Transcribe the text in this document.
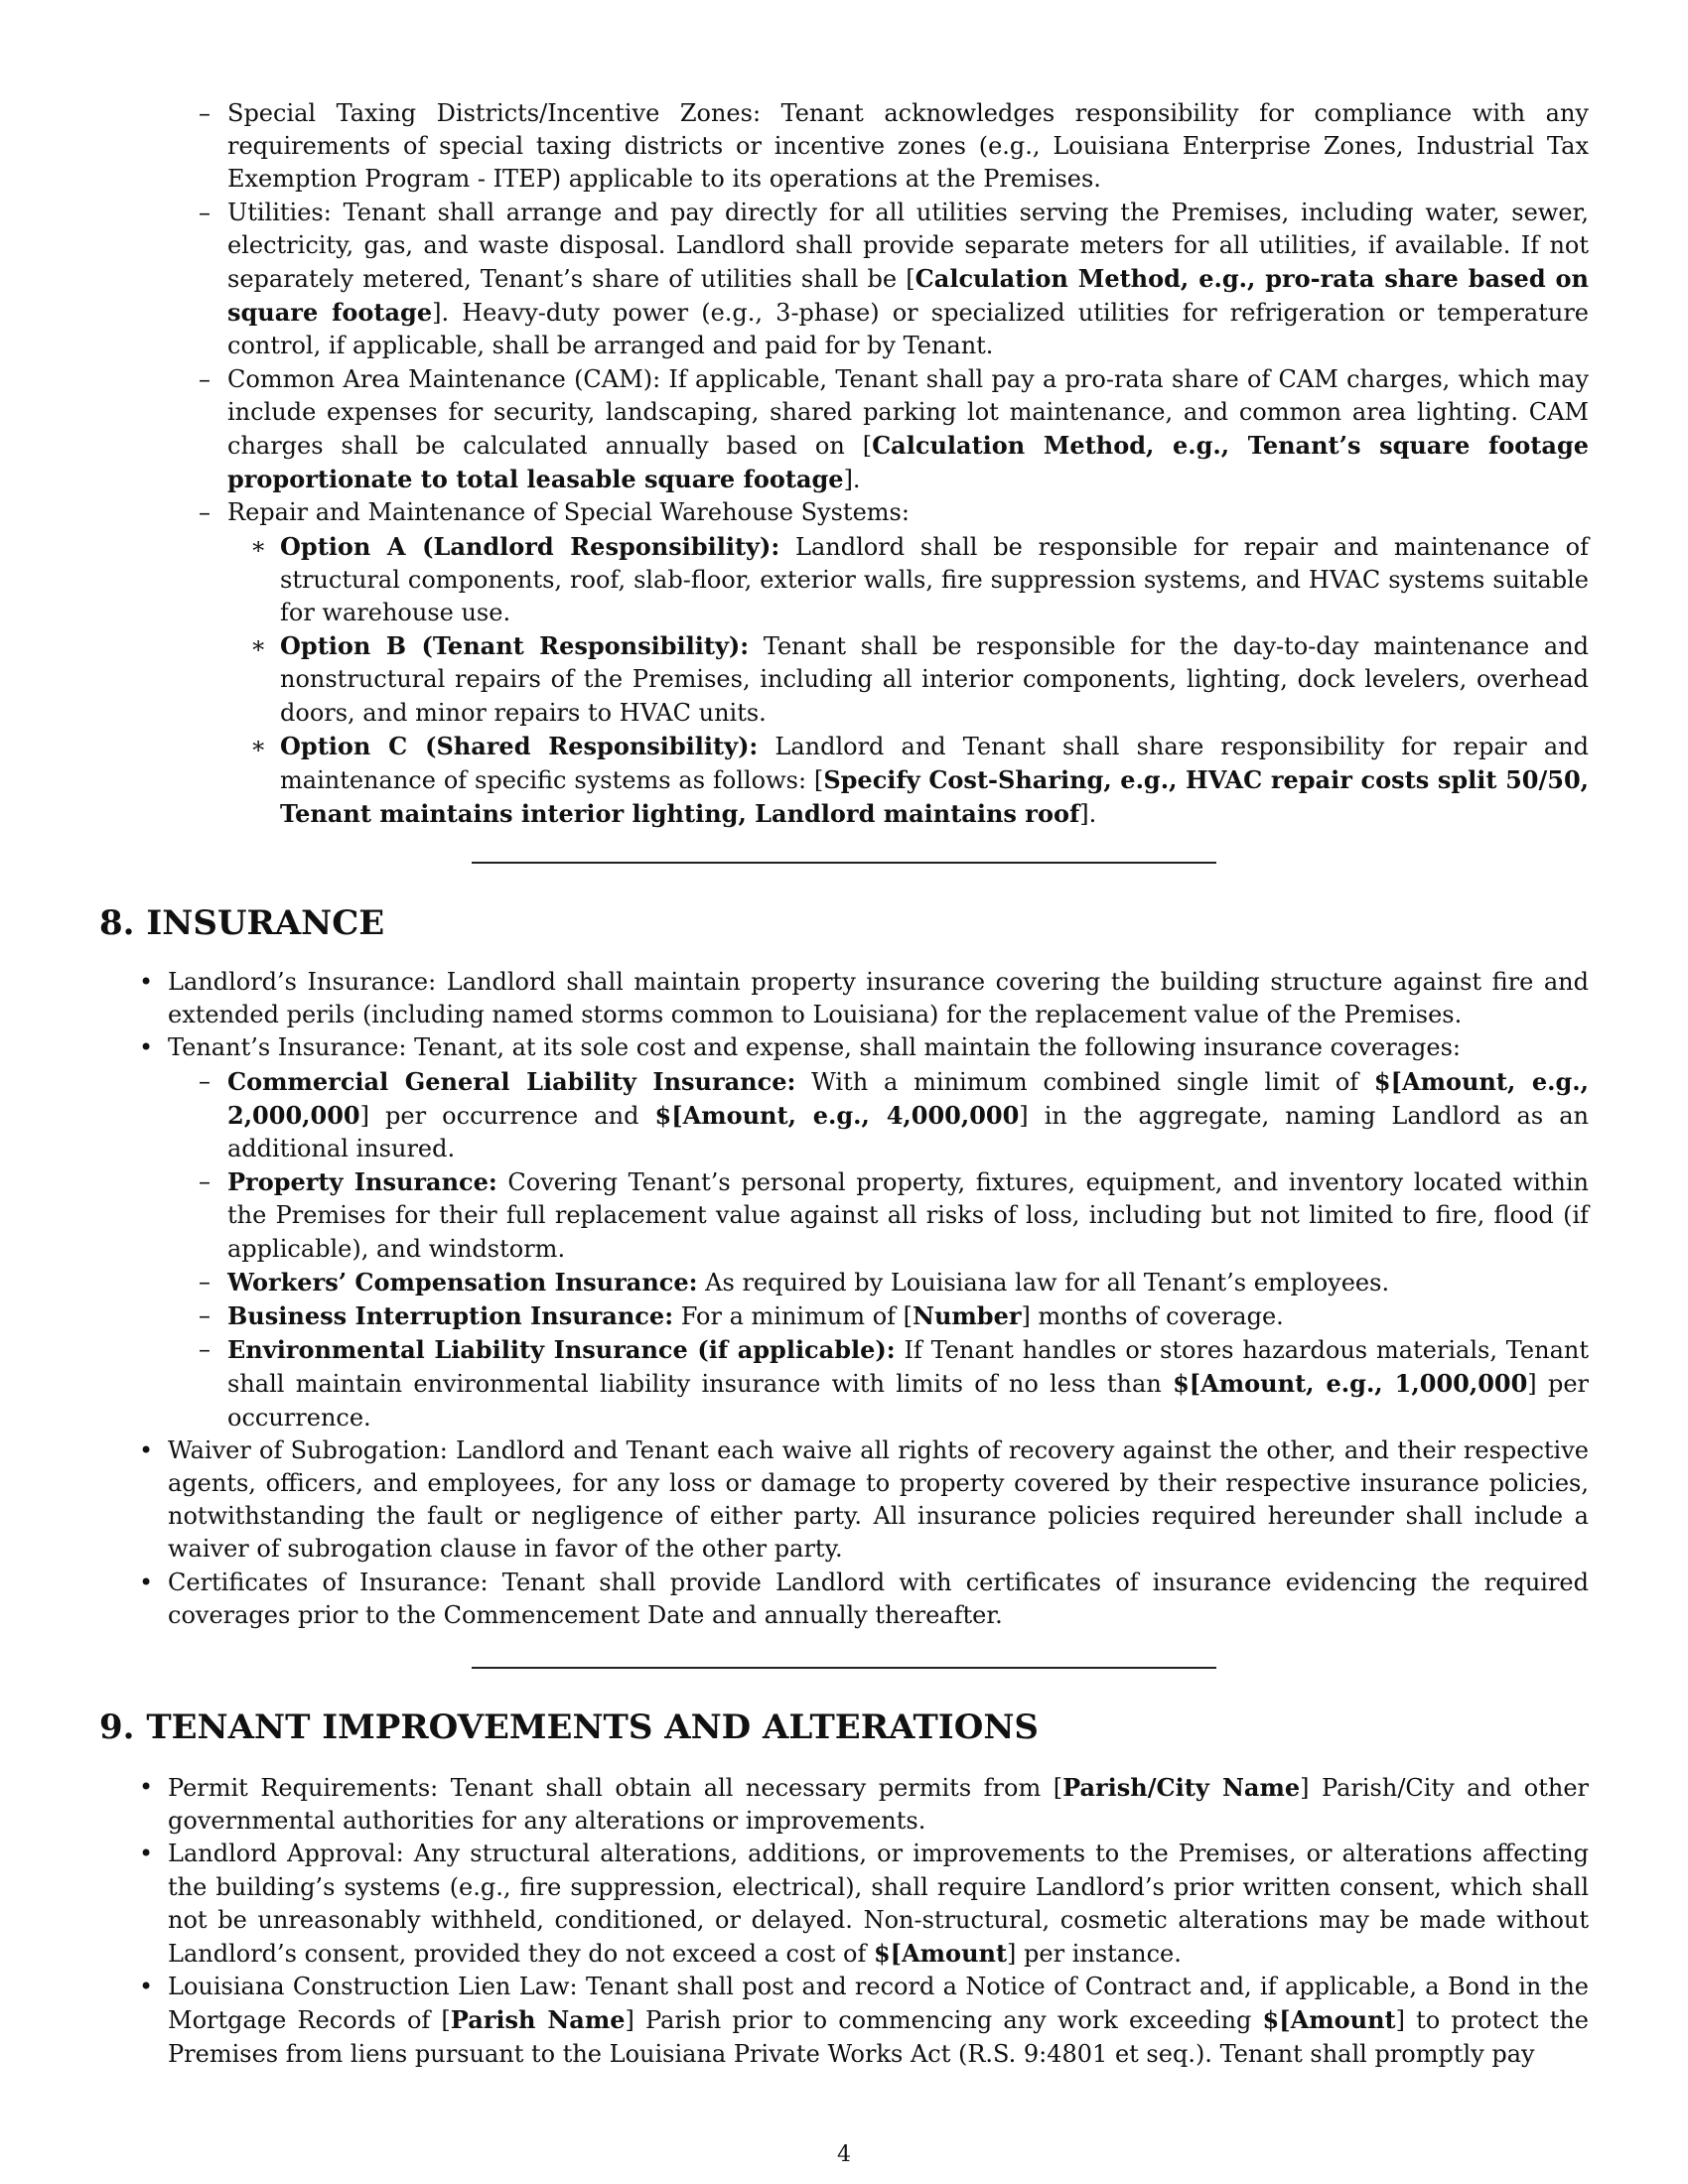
– Special Taxing Districts/Incentive Zones: Tenant acknowledges responsibility for compliance with any requirements of special taxing districts or incentive zones (e.g., Louisiana Enterprise Zones, Industrial Tax Exemption Program - ITEP) applicable to its operations at the Premises.

– Utilities: Tenant shall arrange and pay directly for all utilities serving the Premises, including water, sewer, electricity, gas, and waste disposal. Landlord shall provide separate meters for all utilities, if available. If not separately metered, Tenant’s share of utilities shall be [Calculation Method, e.g., pro-rata share based on square footage]. Heavy-duty power (e.g., 3-phase) or specialized utilities for refrigeration or temperature control, if applicable, shall be arranged and paid for by Tenant.

– Common Area Maintenance (CAM): If applicable, Tenant shall pay a pro-rata share of CAM charges, which may include expenses for security, landscaping, shared parking lot maintenance, and common area lighting. CAM charges shall be calculated annually based on [Calculation Method, e.g., Tenant’s square footage proportionate to total leasable square footage].

– Repair and Maintenance of Special Warehouse Systems:

∗ Option A (Landlord Responsibility): Landlord shall be responsible for repair and maintenance of structural components, roof, slab-floor, exterior walls, fire suppression systems, and HVAC systems suitable for warehouse use.

∗ Option B (Tenant Responsibility): Tenant shall be responsible for the day-to-day maintenance and nonstructural repairs of the Premises, including all interior components, lighting, dock levelers, overhead doors, and minor repairs to HVAC units.

∗ Option C (Shared Responsibility): Landlord and Tenant shall share responsibility for repair and maintenance of specific systems as follows: [Specify Cost-Sharing, e.g., HVAC repair costs split 50/50, Tenant maintains interior lighting, Landlord maintains roof].

8. INSURANCE

• Landlord’s Insurance: Landlord shall maintain property insurance covering the building structure against fire and extended perils (including named storms common to Louisiana) for the replacement value of the Premises.

• Tenant’s Insurance: Tenant, at its sole cost and expense, shall maintain the following insurance coverages:

– Commercial General Liability Insurance: With a minimum combined single limit of $[Amount, e.g., 2,000,000] per occurrence and $[Amount, e.g., 4,000,000] in the aggregate, naming Landlord as an additional insured.

– Property Insurance: Covering Tenant’s personal property, fixtures, equipment, and inventory located within the Premises for their full replacement value against all risks of loss, including but not limited to fire, flood (if applicable), and windstorm.

– Workers’ Compensation Insurance: As required by Louisiana law for all Tenant’s employees.

– Business Interruption Insurance: For a minimum of [Number] months of coverage.

– Environmental Liability Insurance (if applicable): If Tenant handles or stores hazardous materials, Tenant shall maintain environmental liability insurance with limits of no less than $[Amount, e.g., 1,000,000] per occurrence.

• Waiver of Subrogation: Landlord and Tenant each waive all rights of recovery against the other, and their respective agents, officers, and employees, for any loss or damage to property covered by their respective insurance policies, notwithstanding the fault or negligence of either party. All insurance policies required hereunder shall include a waiver of subrogation clause in favor of the other party.

• Certificates of Insurance: Tenant shall provide Landlord with certificates of insurance evidencing the required coverages prior to the Commencement Date and annually thereafter.

9. TENANT IMPROVEMENTS AND ALTERATIONS

• Permit Requirements: Tenant shall obtain all necessary permits from [Parish/City Name] Parish/City and other governmental authorities for any alterations or improvements.

• Landlord Approval: Any structural alterations, additions, or improvements to the Premises, or alterations affecting the building’s systems (e.g., fire suppression, electrical), shall require Landlord’s prior written consent, which shall not be unreasonably withheld, conditioned, or delayed. Non-structural, cosmetic alterations may be made without Landlord’s consent, provided they do not exceed a cost of $[Amount] per instance.

• Louisiana Construction Lien Law: Tenant shall post and record a Notice of Contract and, if applicable, a Bond in the Mortgage Records of [Parish Name] Parish prior to commencing any work exceeding $[Amount] to protect the Premises from liens pursuant to the Louisiana Private Works Act (R.S. 9:4801 et seq.). Tenant shall promptly pay

4
